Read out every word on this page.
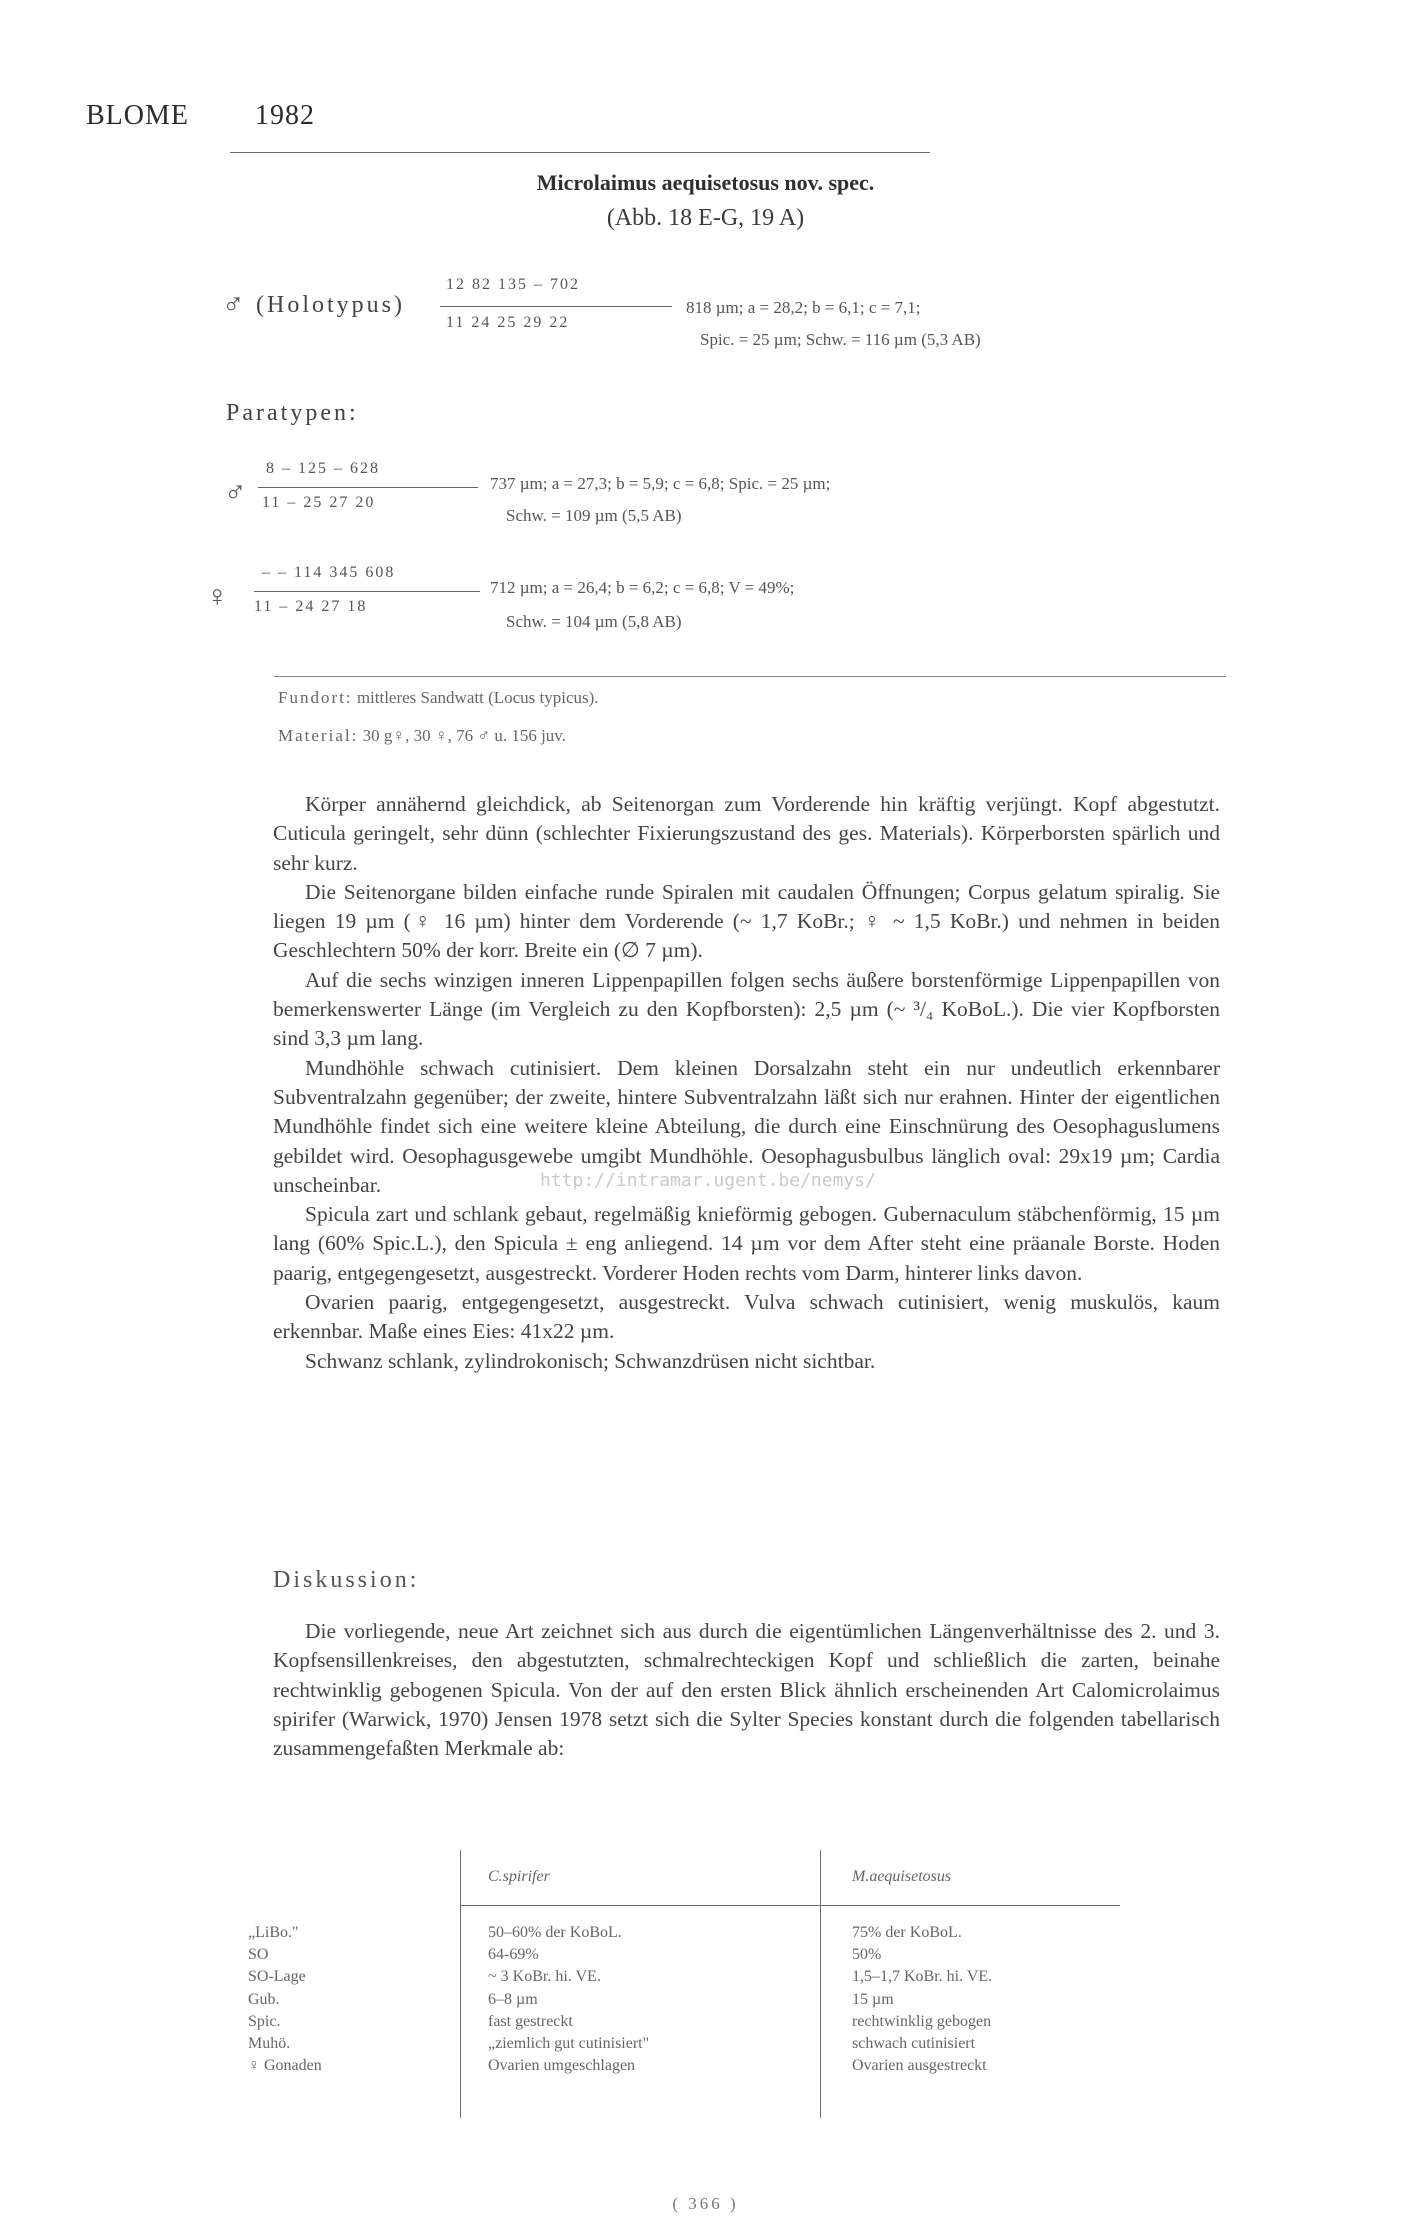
BLOME 1982
Microlaimus aequisetosus nov. spec.
(Abb. 18 E-G, 19 A)
♂ (Holotypus)
12 82 135 – 702
11 24 25 29 22
818 µm; a = 28,2; b = 6,1; c = 7,1;
Spic. = 25 µm; Schw. = 116 µm (5,3 AB)
Paratypen:
♂
8 – 125 – 628
11 – 25 27 20
737 µm; a = 27,3; b = 5,9; c = 6,8; Spic. = 25 µm;
Schw. = 109 µm (5,5 AB)
♀
– – 114 345 608
11 – 24 27 18
712 µm; a = 26,4; b = 6,2; c = 6,8; V = 49%;
Schw. = 104 µm (5,8 AB)
Fundort: mittleres Sandwatt (Locus typicus).
Material: 30 g♀, 30 ♀, 76 ♂ u. 156 juv.

Körper annähernd gleichdick, ab Seitenorgan zum Vorderende hin kräftig verjüngt. Kopf abgestutzt. Cuticula geringelt, sehr dünn (schlechter Fixierungszustand des ges. Materials). Körperborsten spärlich und sehr kurz.

Die Seitenorgane bilden einfache runde Spiralen mit caudalen Öffnungen; Corpus gelatum spiralig. Sie liegen 19 µm (♀ 16 µm) hinter dem Vorderende (~ 1,7 KoBr.; ♀ ~ 1,5 KoBr.) und nehmen in beiden Geschlechtern 50% der korr. Breite ein (∅ 7 µm).

Auf die sechs winzigen inneren Lippenpapillen folgen sechs äußere borstenförmige Lippenpapillen von bemerkenswerter Länge (im Vergleich zu den Kopfborsten): 2,5 µm (~ ³/₄ KoBoL.). Die vier Kopfborsten sind 3,3 µm lang.

Mundhöhle schwach cutinisiert. Dem kleinen Dorsalzahn steht ein nur undeutlich erkennbarer Subventralzahn gegenüber; der zweite, hintere Subventralzahn läßt sich nur erahnen. Hinter der eigentlichen Mundhöhle findet sich eine weitere kleine Abteilung, die durch eine Einschnürung des Oesophaguslumens gebildet wird. Oesophagusgewebe umgibt Mundhöhle. Oesophagusbulbus länglich oval: 29x19 µm; Cardia unscheinbar.

Spicula zart und schlank gebaut, regelmäßig knieförmig gebogen. Gubernaculum stäbchenförmig, 15 µm lang (60% Spic.L.), den Spicula ± eng anliegend. 14 µm vor dem After steht eine präanale Borste. Hoden paarig, entgegengesetzt, ausgestreckt. Vorderer Hoden rechts vom Darm, hinterer links davon.

Ovarien paarig, entgegengesetzt, ausgestreckt. Vulva schwach cutinisiert, wenig muskulös, kaum erkennbar. Maße eines Eies: 41x22 µm.

Schwanz schlank, zylindrokonisch; Schwanzdrüsen nicht sichtbar.

http://intramar.ugent.be/nemys/
Diskussion:

Die vorliegende, neue Art zeichnet sich aus durch die eigentümlichen Längenverhältnisse des 2. und 3. Kopfsensillenkreises, den abgestutzten, schmalrechteckigen Kopf und schließlich die zarten, beinahe rechtwinklig gebogenen Spicula. Von der auf den ersten Blick ähnlich erscheinenden Art Calomicrolaimus spirifer (Warwick, 1970) Jensen 1978 setzt sich die Sylter Species konstant durch die folgenden tabellarisch zusammengefaßten Merkmale ab:

C.spirifer	M.aequisetosus
„LiBo."
SO
SO-Lage
Gub.
Spic.
Muhö.
♀ Gonaden
50–60% der KoBoL.
64-69%
~ 3 KoBr. hi. VE.
6–8 µm
fast gestreckt
„ziemlich gut cutinisiert"
Ovarien umgeschlagen
75% der KoBoL.
50%
1,5–1,7 KoBr. hi. VE.
15 µm
rechtwinklig gebogen
schwach cutinisiert
Ovarien ausgestreckt
( 366 )
